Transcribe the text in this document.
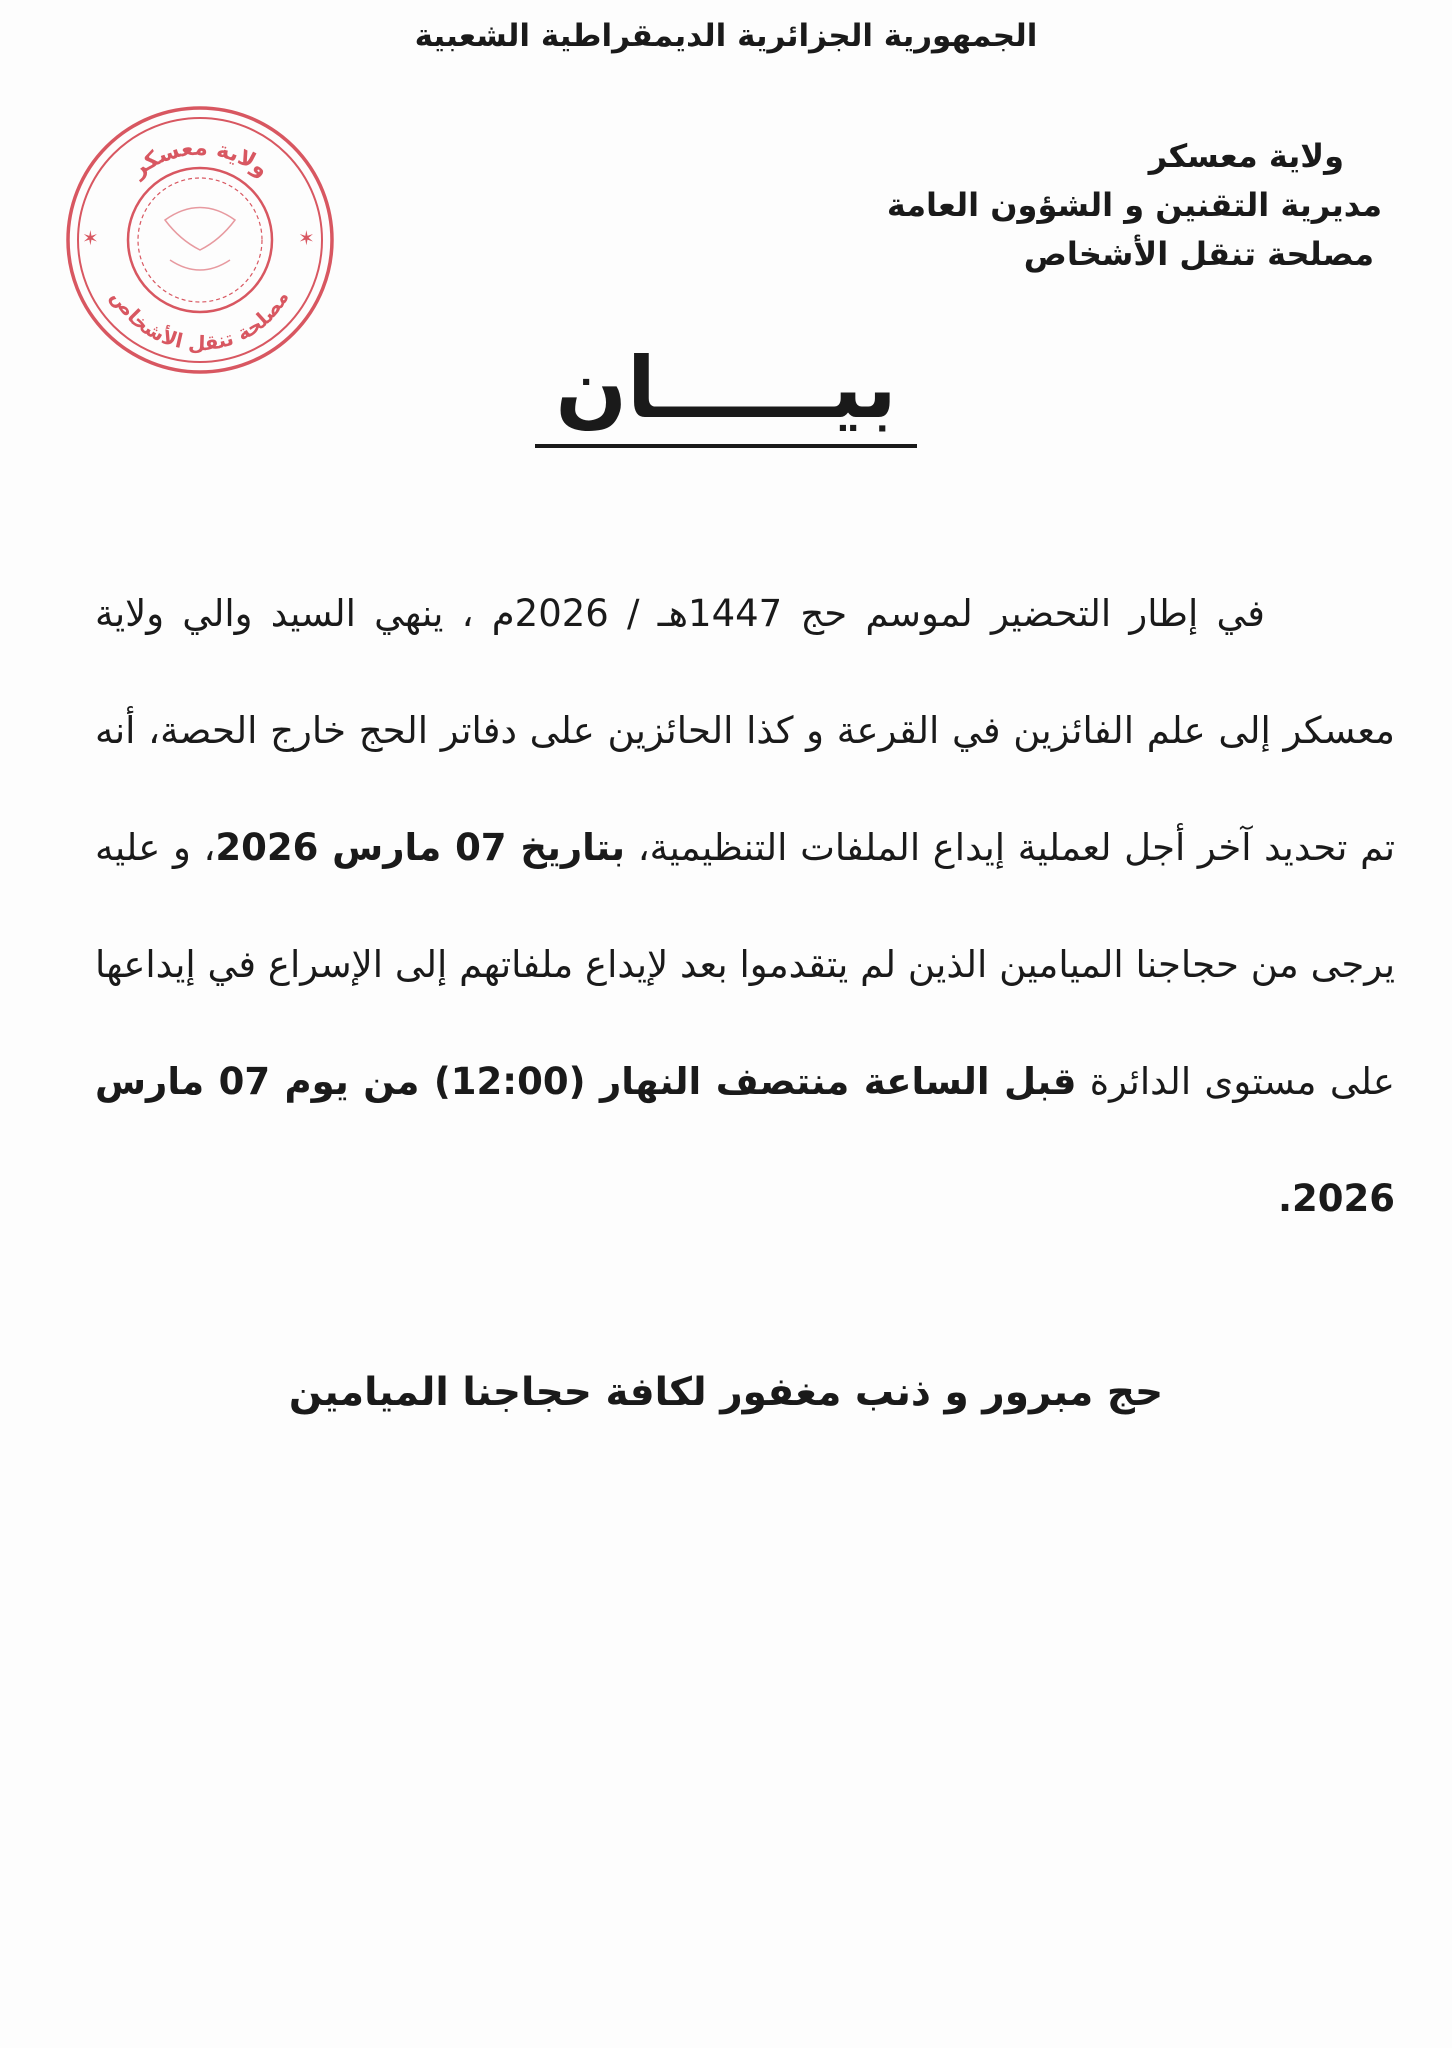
الجمهورية الجزائرية الديمقراطية الشعبية
ولاية معسكر
مديرية التقنين و الشؤون العامة
مصلحة تنقل الأشخاص
✶	✶
ولاية معسكر
مصلحة تنقل الأشخاص
بيــــــان

في إطار التحضير لموسم حج 1447هـ / 2026م ، ينهي السيد والي ولاية معسكر إلى علم الفائزين في القرعة و كذا الحائزين على دفاتر الحج خارج الحصة، أنه تم تحديد آخر أجل لعملية إيداع الملفات التنظيمية، بتاريخ 07 مارس 2026، و عليه يرجى من حجاجنا الميامين الذين لم يتقدموا بعد لإيداع ملفاتهم إلى الإسراع في إيداعها على مستوى الدائرة قبل الساعة منتصف النهار (12:00) من يوم 07 مارس 2026.

حج مبرور و ذنب مغفور لكافة حجاجنا الميامين
